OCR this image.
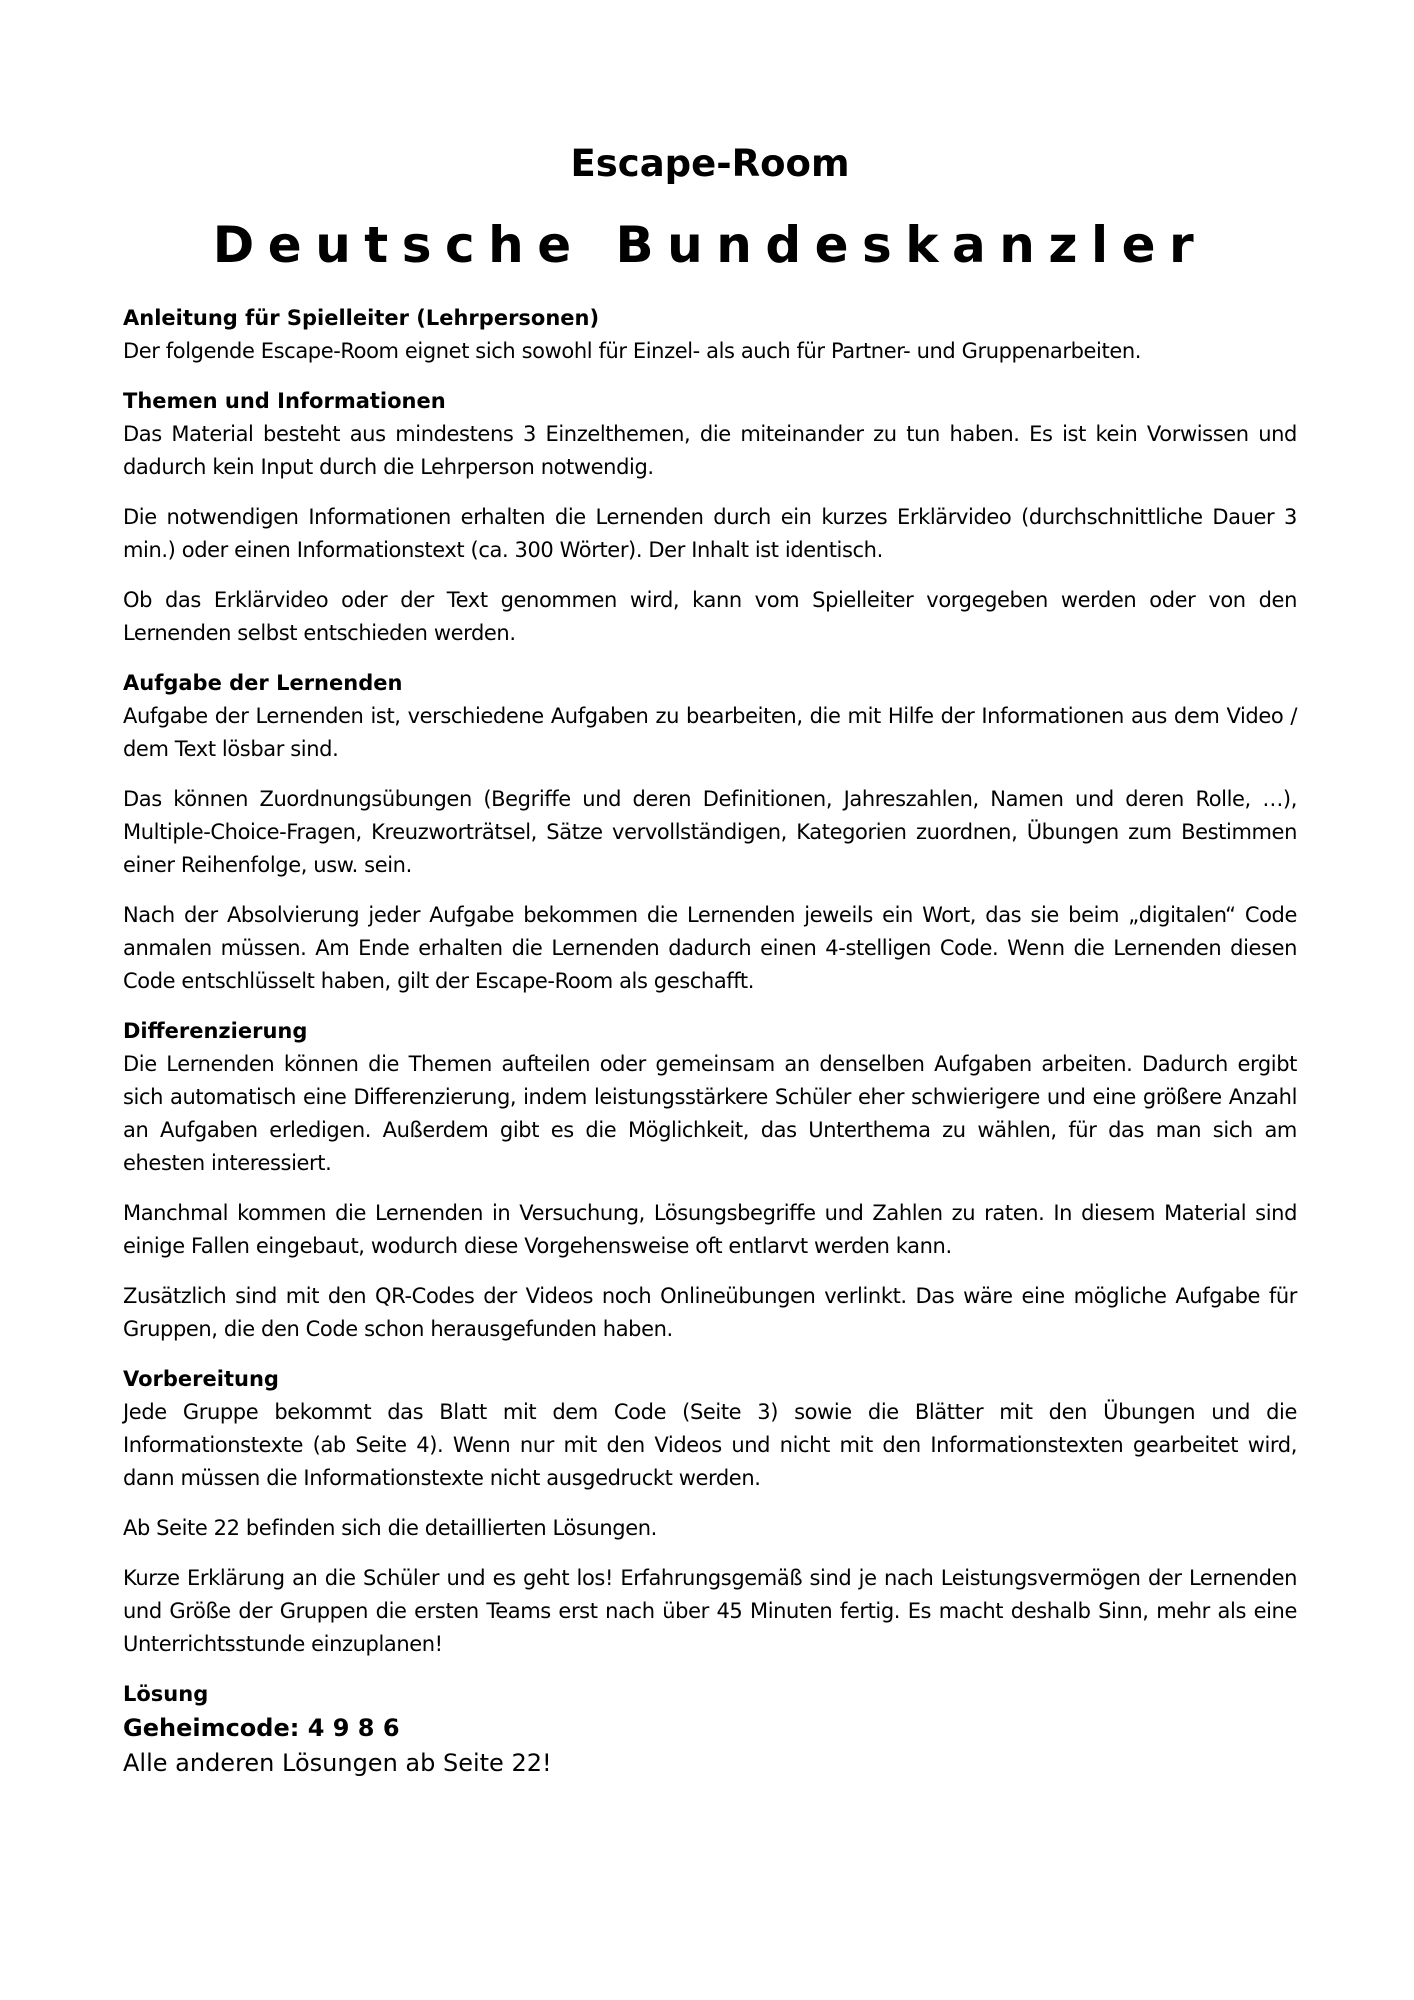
Escape-Room
Deutsche Bundeskanzler

Anleitung für Spielleiter (Lehrpersonen)

Der folgende Escape-Room eignet sich sowohl für Einzel- als auch für Partner- und Gruppenarbeiten.

Themen und Informationen

Das Material besteht aus mindestens 3 Einzelthemen, die miteinander zu tun haben. Es ist kein Vorwissen und dadurch kein Input durch die Lehrperson notwendig.

Die notwendigen Informationen erhalten die Lernenden durch ein kurzes Erklärvideo (durchschnittliche Dauer 3 min.) oder einen Informationstext (ca. 300 Wörter). Der Inhalt ist identisch.

Ob das Erklärvideo oder der Text genommen wird, kann vom Spielleiter vorgegeben werden oder von den Lernenden selbst entschieden werden.

Aufgabe der Lernenden

Aufgabe der Lernenden ist, verschiedene Aufgaben zu bearbeiten, die mit Hilfe der Informationen aus dem Video / dem Text lösbar sind.

Das können Zuordnungsübungen (Begriffe und deren Definitionen, Jahreszahlen, Namen und deren Rolle, …), Multiple-Choice-Fragen, Kreuzworträtsel, Sätze vervollständigen, Kategorien zuordnen, Übungen zum Bestimmen einer Reihenfolge, usw. sein.

Nach der Absolvierung jeder Aufgabe bekommen die Lernenden jeweils ein Wort, das sie beim „digitalen“ Code anmalen müssen. Am Ende erhalten die Lernenden dadurch einen 4-stelligen Code. Wenn die Lernenden diesen Code entschlüsselt haben, gilt der Escape-Room als geschafft.

Differenzierung

Die Lernenden können die Themen aufteilen oder gemeinsam an denselben Aufgaben arbeiten. Dadurch ergibt sich automatisch eine Differenzierung, indem leistungsstärkere Schüler eher schwierigere und eine größere Anzahl an Aufgaben erledigen. Außerdem gibt es die Möglichkeit, das Unterthema zu wählen, für das man sich am ehesten interessiert.

Manchmal kommen die Lernenden in Versuchung, Lösungsbegriffe und Zahlen zu raten. In diesem Material sind einige Fallen eingebaut, wodurch diese Vorgehensweise oft entlarvt werden kann.

Zusätzlich sind mit den QR-Codes der Videos noch Onlineübungen verlinkt. Das wäre eine mögliche Aufgabe für Gruppen, die den Code schon herausgefunden haben.

Vorbereitung

Jede Gruppe bekommt das Blatt mit dem Code (Seite 3) sowie die Blätter mit den Übungen und die Informationstexte (ab Seite 4). Wenn nur mit den Videos und nicht mit den Informationstexten gearbeitet wird, dann müssen die Informationstexte nicht ausgedruckt werden.

Ab Seite 22 befinden sich die detaillierten Lösungen.

Kurze Erklärung an die Schüler und es geht los! Erfahrungsgemäß sind je nach Leistungsvermögen der Lernenden und Größe der Gruppen die ersten Teams erst nach über 45 Minuten fertig. Es macht deshalb Sinn, mehr als eine Unterrichtsstunde einzuplanen!

Lösung

Geheimcode: 4 9 8 6

Alle anderen Lösungen ab Seite 22!
